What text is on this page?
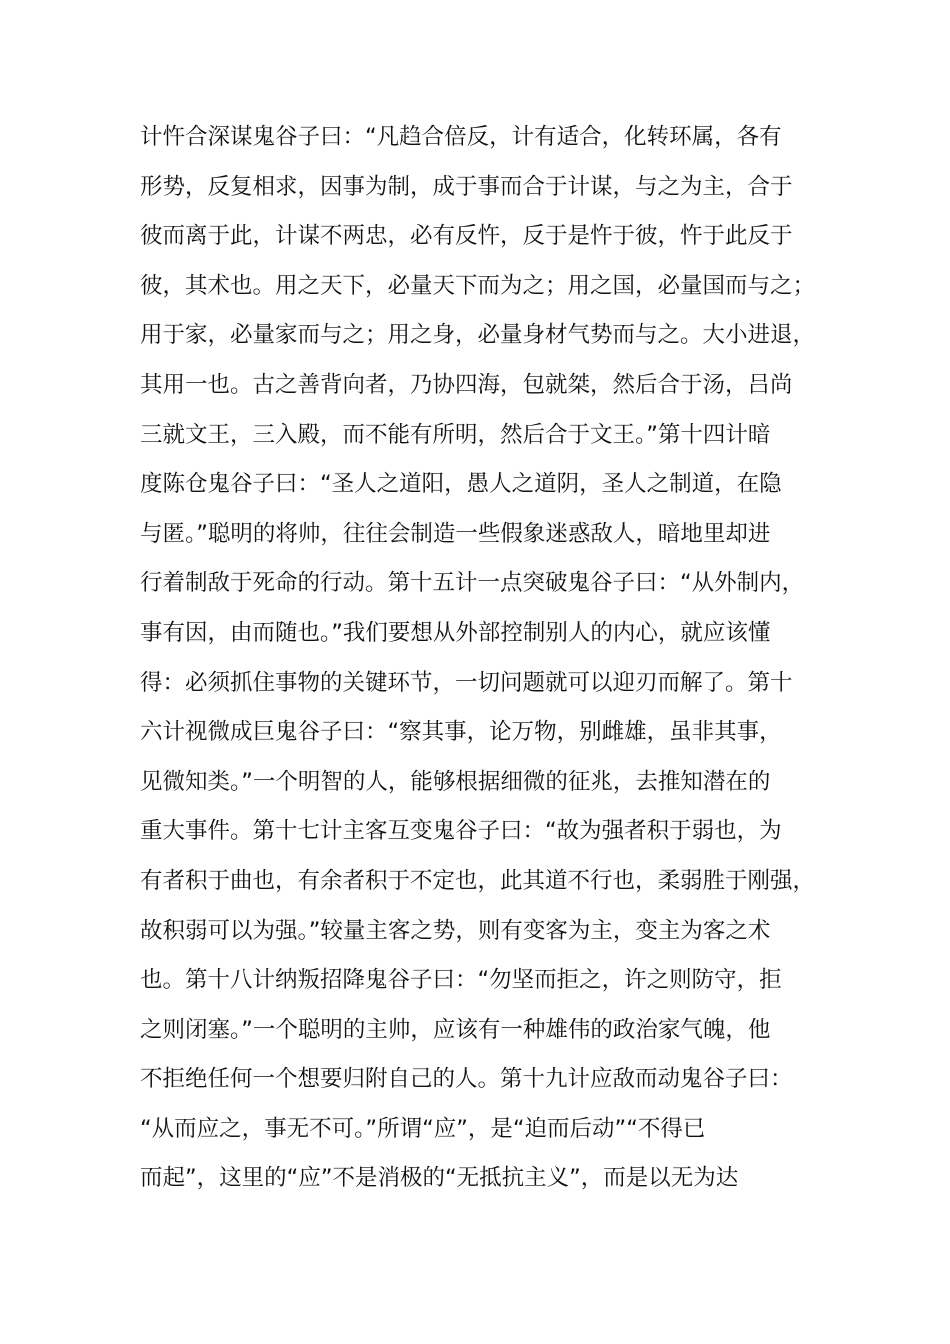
计忤合深谋鬼谷子曰：“凡趋合倍反，计有适合，化转环属，各有
形势，反复相求，因事为制，成于事而合于计谋，与之为主，合于
彼而离于此，计谋不两忠，必有反忤，反于是忤于彼，忤于此反于
彼，其术也。用之天下，必量天下而为之；用之国，必量国而与之；
用于家，必量家而与之；用之身，必量身材气势而与之。大小进退，
其用一也。古之善背向者，乃协四海，包就桀，然后合于汤，吕尚
三就文王，三入殿，而不能有所明，然后合于文王。”第十四计暗
度陈仓鬼谷子曰：“圣人之道阳，愚人之道阴，圣人之制道，在隐
与匿。”聪明的将帅，往往会制造一些假象迷惑敌人，暗地里却进
行着制敌于死命的行动。第十五计一点突破鬼谷子曰：“从外制内，
事有因，由而随也。”我们要想从外部控制别人的内心，就应该懂
得：必须抓住事物的关键环节，一切问题就可以迎刃而解了。第十
六计视微成巨鬼谷子曰：“察其事，论万物，别雌雄，虽非其事，
见微知类。”一个明智的人，能够根据细微的征兆，去推知潜在的
重大事件。第十七计主客互变鬼谷子曰：“故为强者积于弱也，为
有者积于曲也，有余者积于不定也，此其道不行也，柔弱胜于刚强，
故积弱可以为强。”较量主客之势，则有变客为主，变主为客之术
也。第十八计纳叛招降鬼谷子曰：“勿坚而拒之，许之则防守，拒
之则闭塞。”一个聪明的主帅，应该有一种雄伟的政治家气魄，他
不拒绝任何一个想要归附自己的人。第十九计应敌而动鬼谷子曰：
“从而应之，事无不可。”所谓“应”，是“迫而后动”“不得已
而起”，这里的“应”不是消极的“无抵抗主义”，而是以无为达
